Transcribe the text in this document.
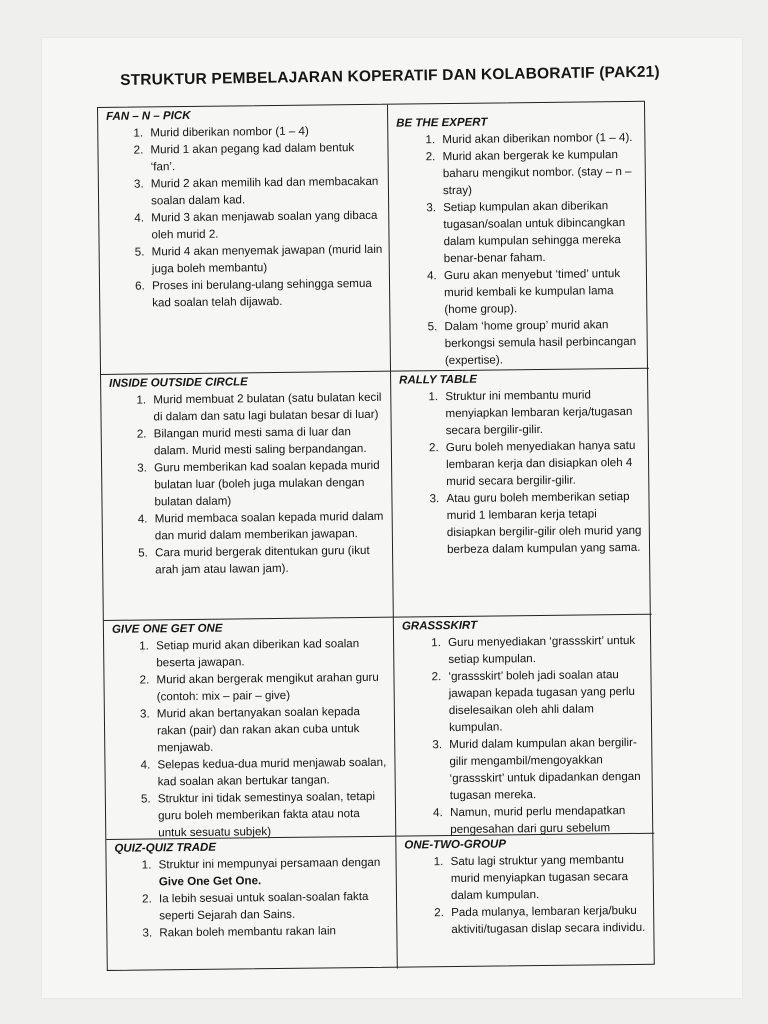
STRUKTUR PEMBELAJARAN KOPERATIF DAN KOLABORATIF (PAK21)
FAN – N – PICK
1. Murid diberikan nombor (1 – 4)
2. Murid 1 akan pegang kad dalam bentuk ‘fan’.
3. Murid 2 akan memilih kad dan membacakan soalan dalam kad.
4. Murid 3 akan menjawab soalan yang dibaca oleh murid 2.
5. Murid 4 akan menyemak jawapan (murid lain juga boleh membantu)
6. Proses ini berulang-ulang sehingga semua kad soalan telah dijawab.
BE THE EXPERT
1. Murid akan diberikan nombor (1 – 4).
2. Murid akan bergerak ke kumpulan baharu mengikut nombor. (stay – n – stray)
3. Setiap kumpulan akan diberikan tugasan/soalan untuk dibincangkan dalam kumpulan sehingga mereka benar-benar faham.
4. Guru akan menyebut ‘timed’ untuk murid kembali ke kumpulan lama (home group).
5. Dalam ‘home group’ murid akan berkongsi semula hasil perbincangan (expertise).
INSIDE OUTSIDE CIRCLE
1. Murid membuat 2 bulatan (satu bulatan kecil di dalam dan satu lagi bulatan besar di luar)
2. Bilangan murid mesti sama di luar dan dalam. Murid mesti saling berpandangan.
3. Guru memberikan kad soalan kepada murid bulatan luar (boleh juga mulakan dengan bulatan dalam)
4. Murid membaca soalan kepada murid dalam dan murid dalam memberikan jawapan.
5. Cara murid bergerak ditentukan guru (ikut arah jam atau lawan jam).
RALLY TABLE
1. Struktur ini membantu murid menyiapkan lembaran kerja/tugasan secara bergilir-gilir.
2. Guru boleh menyediakan hanya satu lembaran kerja dan disiapkan oleh 4 murid secara bergilir-gilir.
3. Atau guru boleh memberikan setiap murid 1 lembaran kerja tetapi disiapkan bergilir-gilir oleh murid yang berbeza dalam kumpulan yang sama.
GIVE ONE GET ONE
1. Setiap murid akan diberikan kad soalan beserta jawapan.
2. Murid akan bergerak mengikut arahan guru (contoh: mix – pair – give)
3. Murid akan bertanyakan soalan kepada rakan (pair) dan rakan akan cuba untuk menjawab.
4. Selepas kedua-dua murid menjawab soalan, kad soalan akan bertukar tangan.
5. Struktur ini tidak semestinya soalan, tetapi guru boleh memberikan fakta atau nota untuk sesuatu subjek)
GRASSSKIRT
1. Guru menyediakan ‘grassskirt’ untuk setiap kumpulan.
2. ‘grassskirt’ boleh jadi soalan atau jawapan kepada tugasan yang perlu diselesaikan oleh ahli dalam kumpulan.
3. Murid dalam kumpulan akan bergilir-gilir mengambil/mengoyakkan ‘grassskirt’ untuk dipadankan dengan tugasan mereka.
4. Namun, murid perlu mendapatkan pengesahan dari guru sebelum
QUIZ-QUIZ TRADE
1. Struktur ini mempunyai persamaan dengan Give One Get One.
2. Ia lebih sesuai untuk soalan-soalan fakta seperti Sejarah dan Sains.
3. Rakan boleh membantu rakan lain
ONE-TWO-GROUP
1. Satu lagi struktur yang membantu murid menyiapkan tugasan secara dalam kumpulan.
2. Pada mulanya, lembaran kerja/buku aktiviti/tugasan dislap secara individu.
